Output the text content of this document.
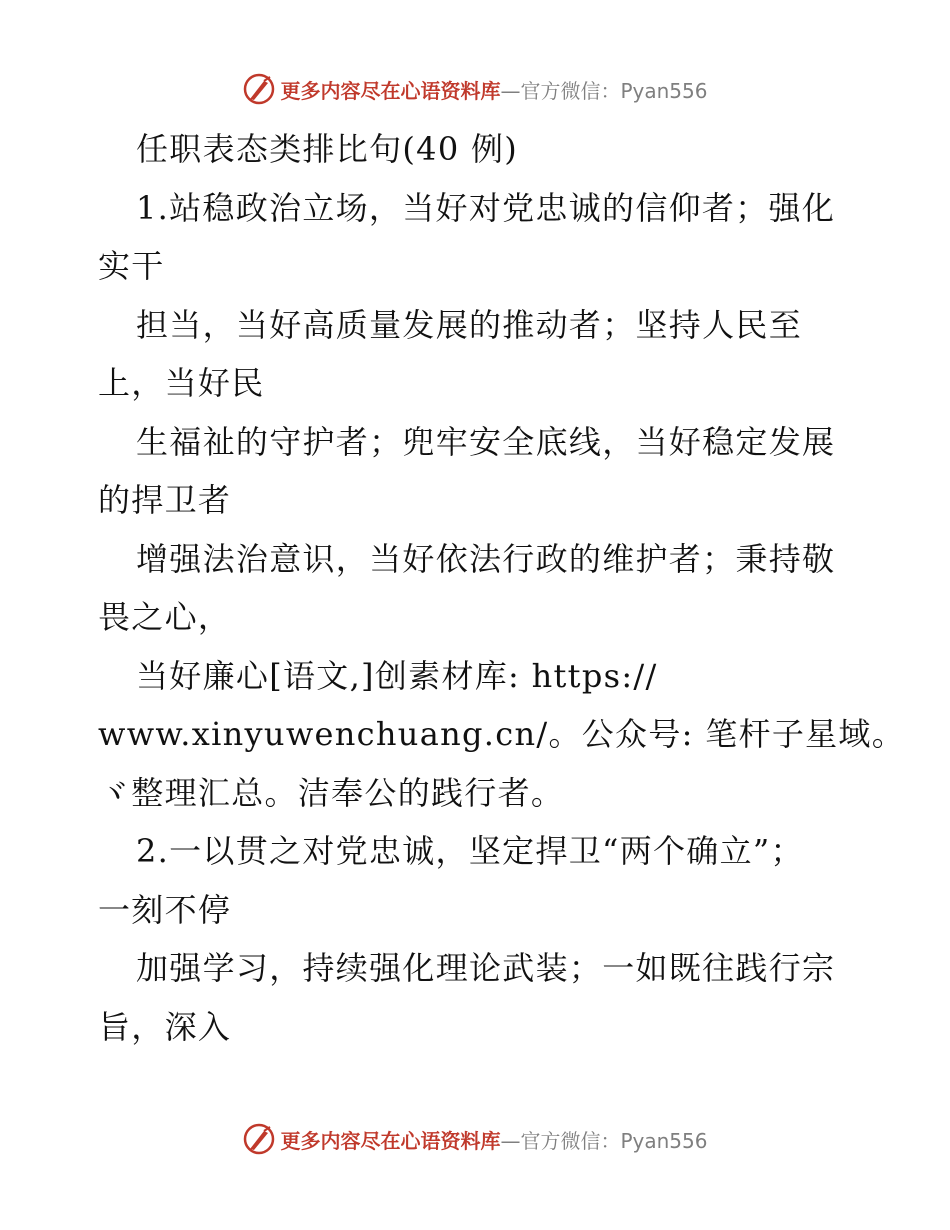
更多内容尽在心语资料库 —官方微信：Pyan556
任职表态类排比句(40 例)
1.站稳政治立场，当好对党忠诚的信仰者；强化
实干
担当，当好高质量发展的推动者；坚持人民至
上，当好民
生福祉的守护者；兜牢安全底线，当好稳定发展
的捍卫者
增强法治意识，当好依法行政的维护者；秉持敬
畏之心，
当好廉心[语文,]创素材库: https://
www.xinyuwenchuang.cn/。公众号: 笔杆子星域。
ヾ整理汇总。洁奉公的践行者。
2.一以贯之对党忠诚，坚定捍卫“两个确立”；
一刻不停
加强学习，持续强化理论武装；一如既往践行宗
旨，深入
更多内容尽在心语资料库 —官方微信：Pyan556
